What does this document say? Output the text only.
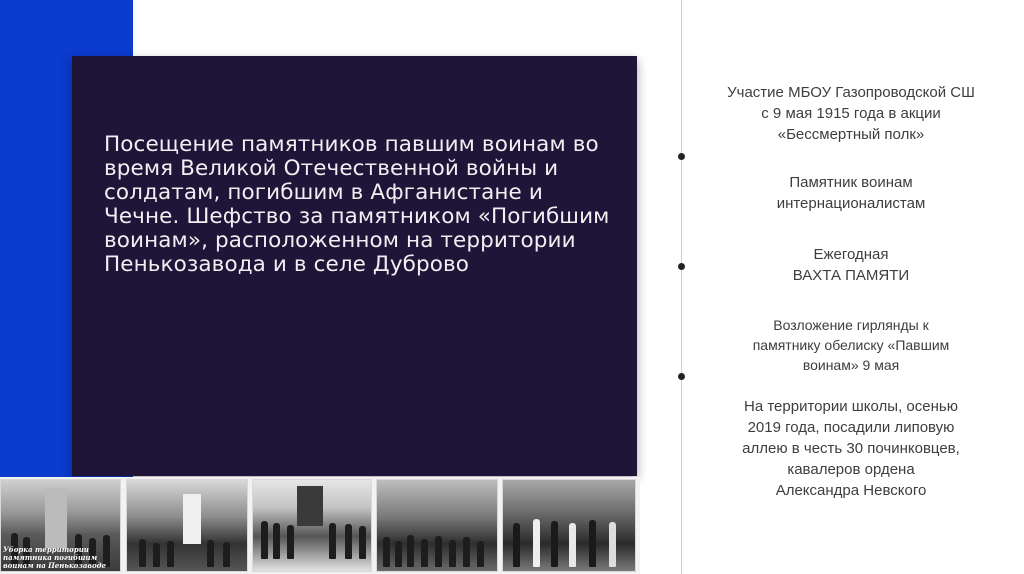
Посещение памятников павшим воинам во время Великой Отечественной войны и солдатам, погибшим в Афганистане и Чечне. Шефство за памятником «Погибшим воинам», расположенном на территории Пенькозавода и в селе Дуброво

Участие МБОУ Газопроводской СШ
с 9 мая 1915 года в акции
«Бессмертный полк»

Памятник воинам
интернационалистам

Ежегодная
ВАХТА ПАМЯТИ

Возложение гирлянды к
памятнику обелиску «Павшим
воинам» 9 мая

На территории школы, осенью
2019 года, посадили липовую
аллею в честь 30 починковцев,
кавалеров ордена
Александра Невского

Уборка территории памятника погибшим воинам на Пенькозаводе
